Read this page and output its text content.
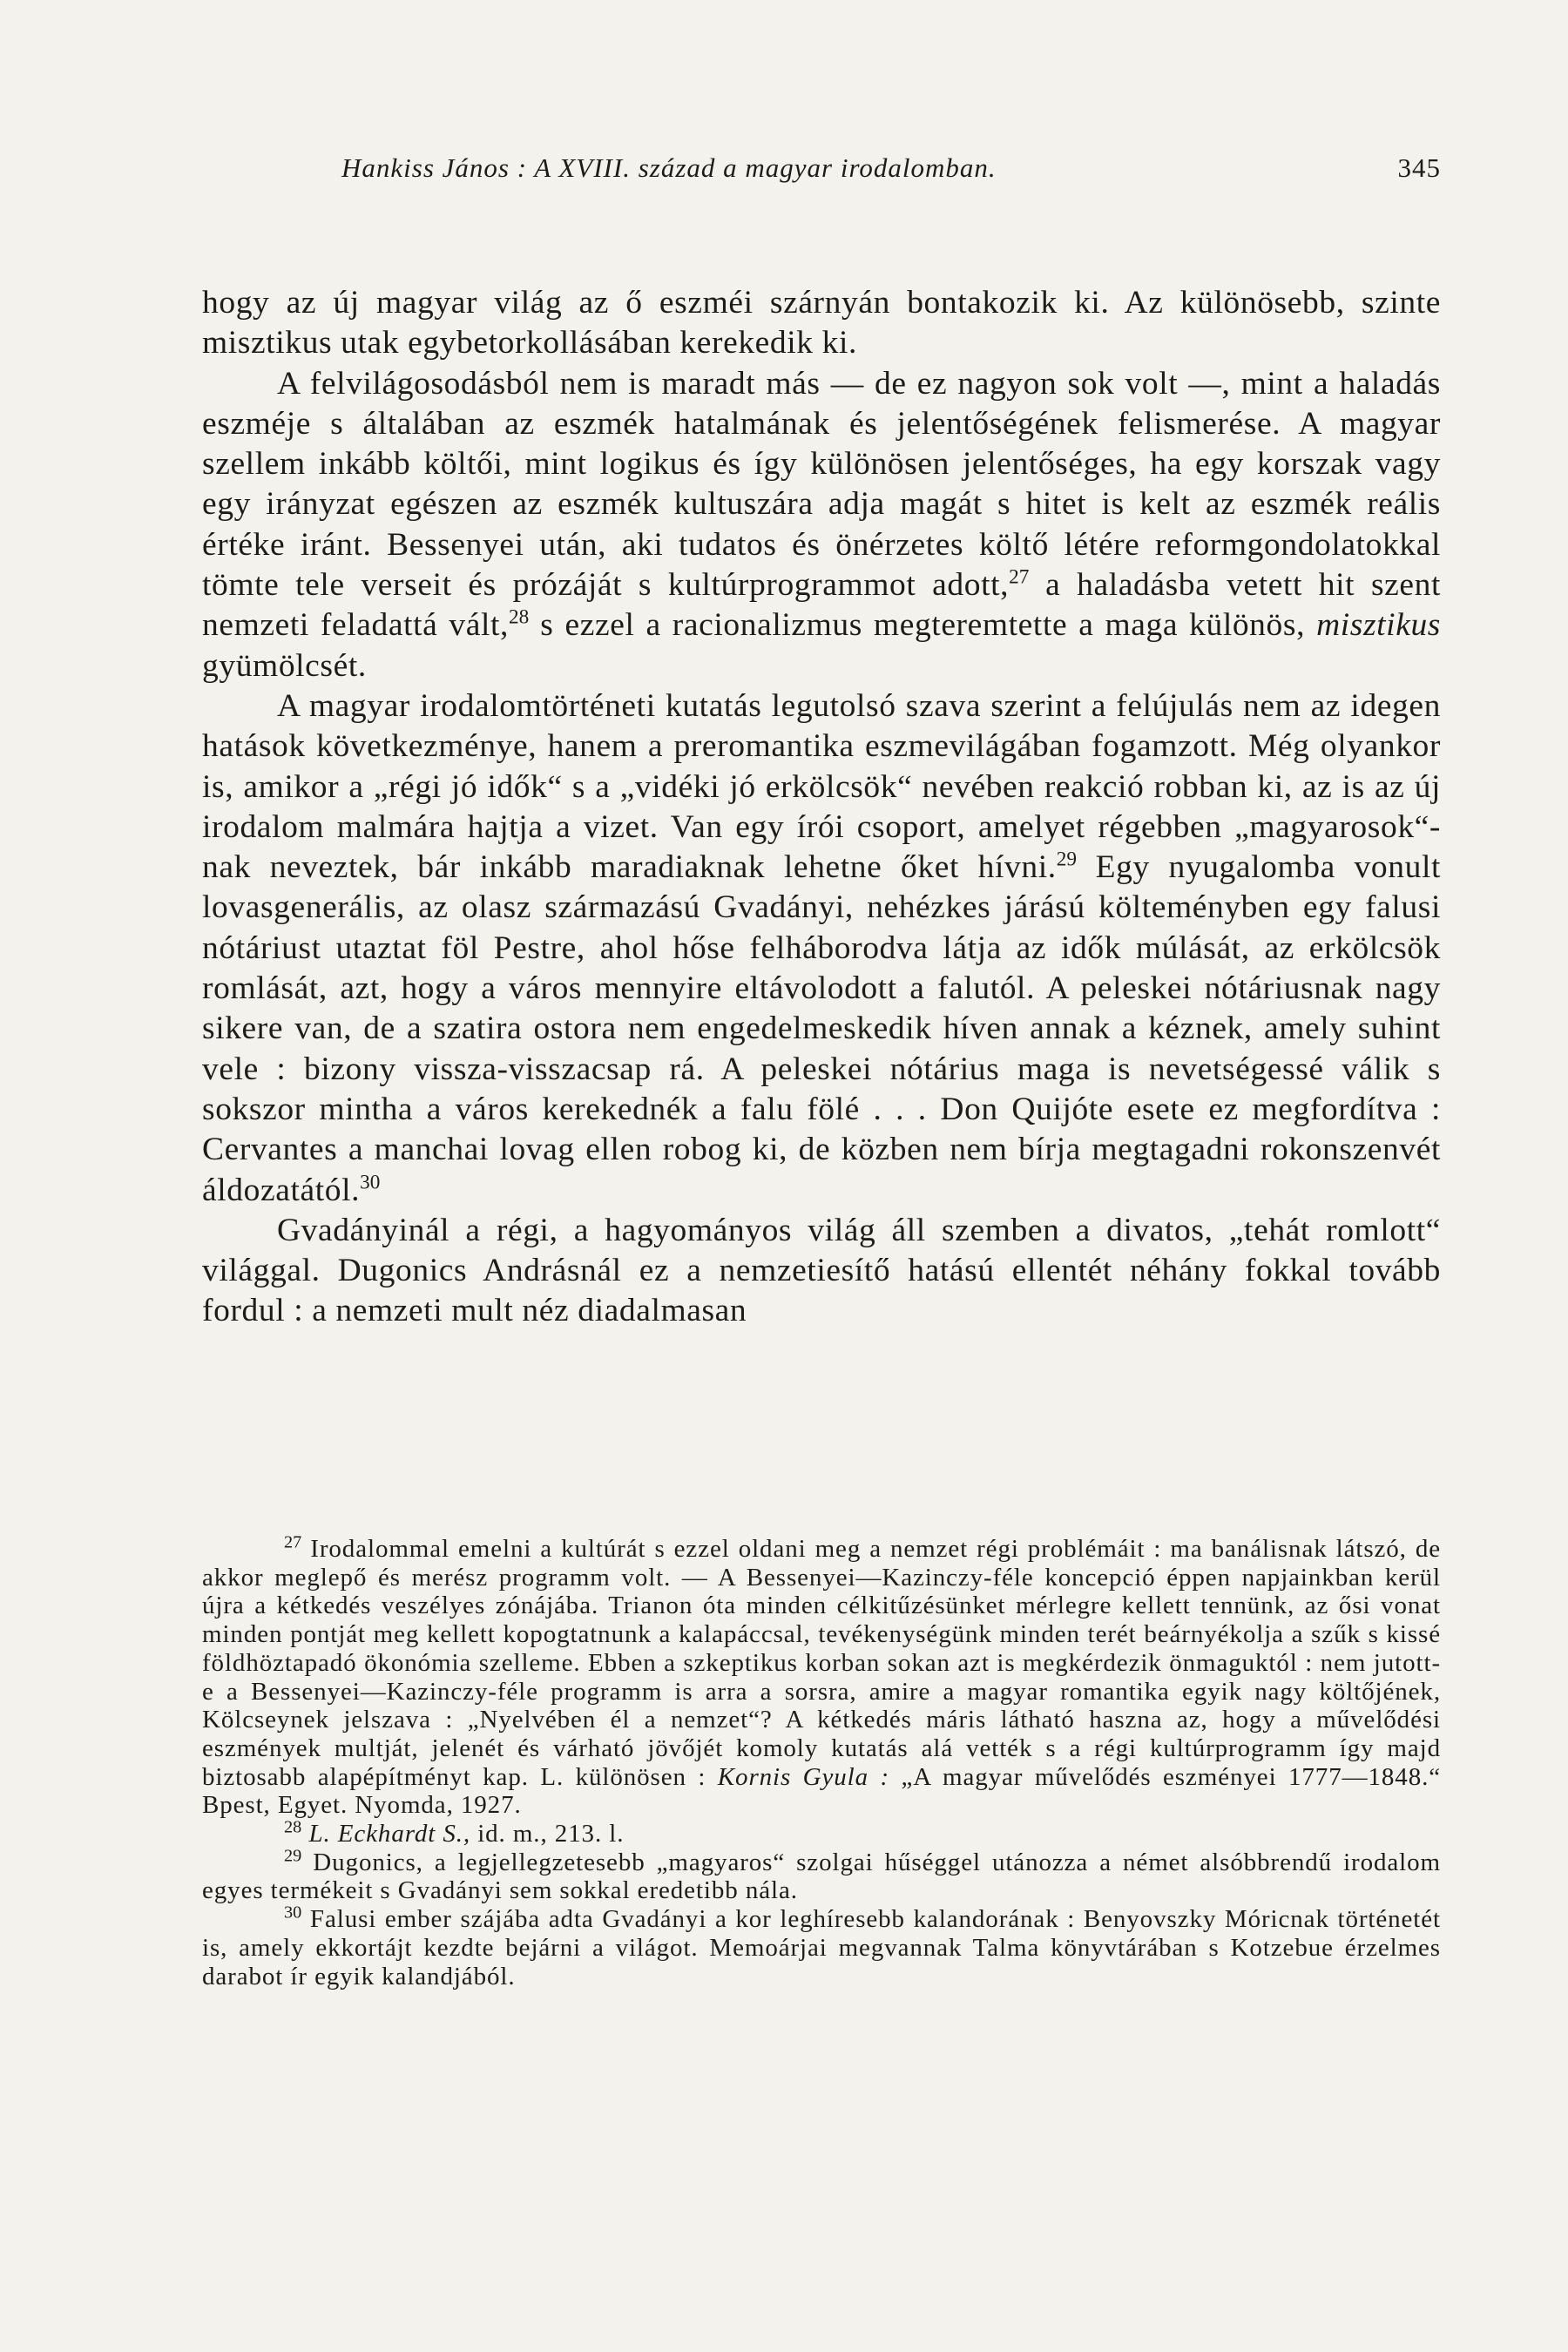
Hankiss János : A XVIII. század a magyar irodalomban.	345

hogy az új magyar világ az ő eszméi szárnyán bontakozik ki. Az különösebb, szinte misztikus utak egybetorkollásában kerekedik ki.

A felvilágosodásból nem is maradt más — de ez nagyon sok volt —, mint a haladás eszméje s általában az eszmék hatalmának és jelentőségének felismerése. A magyar szellem inkább költői, mint logikus és így különösen jelentőséges, ha egy korszak vagy egy irányzat egészen az eszmék kultuszára adja magát s hitet is kelt az eszmék reális értéke iránt. Bessenyei után, aki tudatos és önérzetes költő létére reformgondolatokkal tömte tele verseit és prózáját s kultúrprogrammot adott,$^{27}$ a haladásba vetett hit szent nemzeti feladattá vált,$^{28}$ s ezzel a racionalizmus megteremtette a maga különös, misztikus gyümölcsét.

A magyar irodalomtörténeti kutatás legutolsó szava szerint a felújulás nem az idegen hatások következménye, hanem a preromantika eszmevilágában fogamzott. Még olyankor is, amikor a „régi jó idők“ s a „vidéki jó erkölcsök“ nevében reakció robban ki, az is az új irodalom malmára hajtja a vizet. Van egy írói csoport, amelyet régebben „magyarosok“-nak neveztek, bár inkább maradiaknak lehetne őket hívni.$^{29}$ Egy nyugalomba vonult lovasgenerális, az olasz származású Gvadányi, nehézkes járású költeményben egy falusi nótáriust utaztat föl Pestre, ahol hőse felháborodva látja az idők múlását, az erkölcsök romlását, azt, hogy a város mennyire eltávolodott a falutól. A peleskei nótáriusnak nagy sikere van, de a szatira ostora nem engedelmeskedik híven annak a kéznek, amely suhint vele : bizony vissza-visszacsap rá. A peleskei nótárius maga is nevetségessé válik s sokszor mintha a város kerekednék a falu fölé . . . Don Quijóte esete ez megfordítva : Cervantes a manchai lovag ellen robog ki, de közben nem bírja megtagadni rokonszenvét áldozatától.$^{30}$

Gvadányinál a régi, a hagyományos világ áll szemben a divatos, „tehát romlott“ világgal. Dugonics Andrásnál ez a nemzetiesítő hatású ellentét néhány fokkal tovább fordul : a nemzeti mult néz diadalmasan

$^{27}$ Irodalommal emelni a kultúrát s ezzel oldani meg a nemzet régi problémáit : ma banálisnak látszó, de akkor meglepő és merész programm volt. — A Bessenyei—Kazinczy-féle koncepció éppen napjainkban kerül újra a kétkedés veszélyes zónájába. Trianon óta minden célkitűzésünket mérlegre kellett tennünk, az ősi vonat minden pontját meg kellett kopogtatnunk a kalapáccsal, tevékenységünk minden terét beárnyékolja a szűk s kissé földhöztapadó ökonómia szelleme. Ebben a szkeptikus korban sokan azt is megkérdezik önmaguktól : nem jutott-e a Bessenyei—Kazinczy-féle programm is arra a sorsra, amire a magyar romantika egyik nagy költőjének, Kölcseynek jelszava : „Nyelvében él a nemzet“? A kétkedés máris látható haszna az, hogy a művelődési eszmények multját, jelenét és várható jövőjét komoly kutatás alá vették s a régi kultúrprogramm így majd biztosabb alapépítményt kap. L. különösen : Kornis Gyula : „A magyar művelődés eszményei 1777—1848.“ Bpest, Egyet. Nyomda, 1927.

$^{28}$ L. Eckhardt S., id. m., 213. l.

$^{29}$ Dugonics, a legjellegzetesebb „magyaros“ szolgai hűséggel utánozza a német alsóbbrendű irodalom egyes termékeit s Gvadányi sem sokkal eredetibb nála.

$^{30}$ Falusi ember szájába adta Gvadányi a kor leghíresebb kalandorának : Benyovszky Móricnak történetét is, amely ekkortájt kezdte bejárni a világot. Memoárjai megvannak Talma könyvtárában s Kotzebue érzelmes darabot ír egyik kalandjából.
